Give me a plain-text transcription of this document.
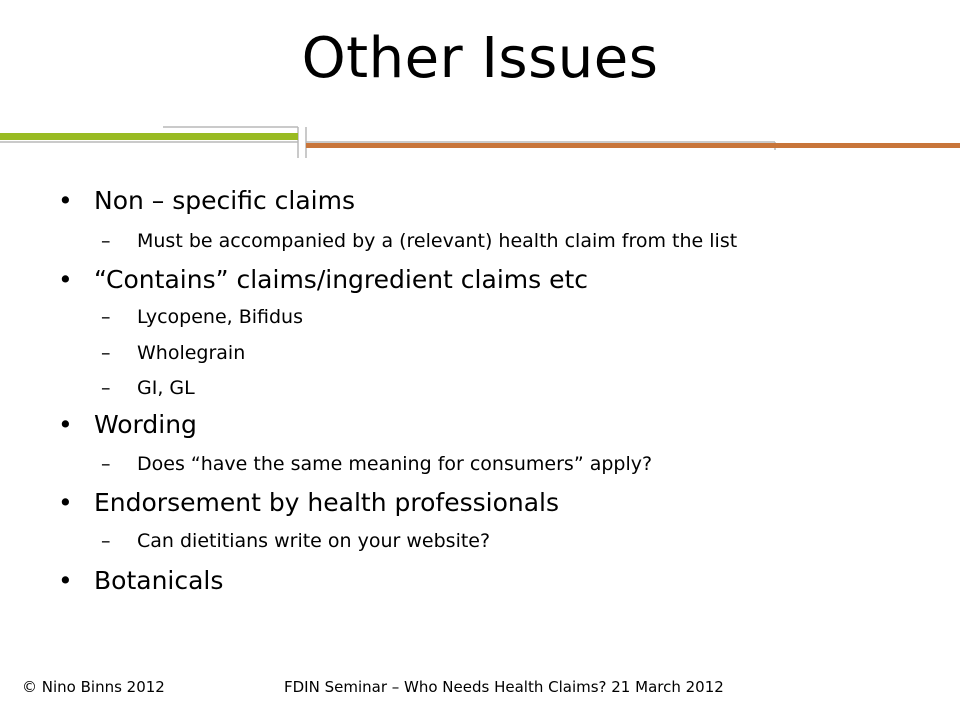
Other Issues
• Non – specific claims
– Must be accompanied by a (relevant) health claim from the list
• “Contains” claims/ingredient claims etc
– Lycopene, Bifidus
– Wholegrain
– GI, GL
• Wording
– Does “have the same meaning for consumers” apply?
• Endorsement by health professionals
– Can dietitians write on your website?
• Botanicals
© Nino Binns 2012	FDIN Seminar – Who Needs Health Claims? 21 March 2012
